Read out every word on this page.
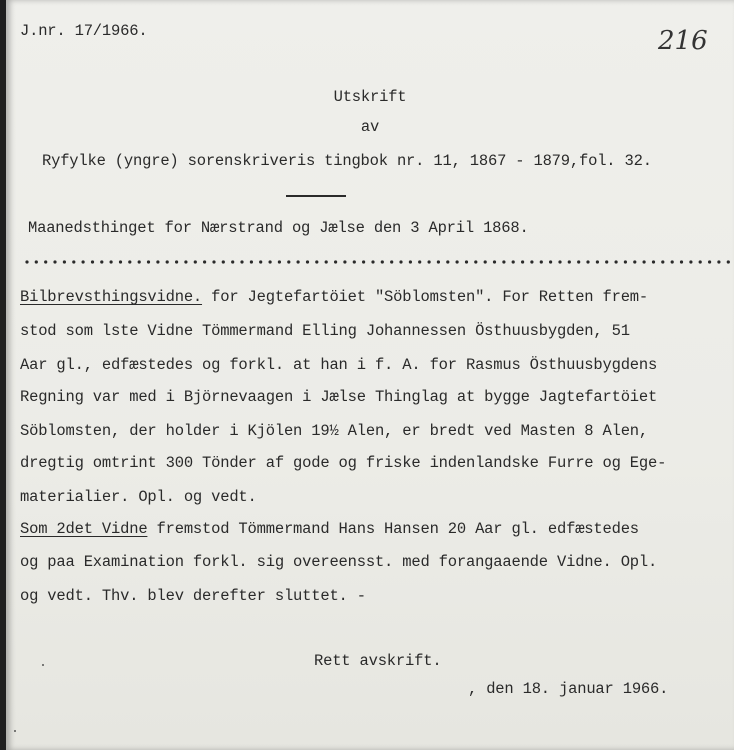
J.nr. 17/1966.	216
Utskrift
av
Ryfylke (yngre) sorenskriveris tingbok nr. 11, 1867 - 1879,fol. 32.
Maanedsthinget for Nærstrand og Jælse den 3 April 1868.
Bilbrevsthingsvidne. for Jegtefartöiet "Söblomsten". For Retten frem-
stod som lste Vidne Tömmermand Elling Johannessen Östhuusbygden, 51
Aar gl., edfæstedes og forkl. at han i f. A. for Rasmus Östhuusbygdens
Regning var med i Björnevaagen i Jælse Thinglag at bygge Jagtefartöiet
Söblomsten, der holder i Kjölen 19½ Alen, er bredt ved Masten 8 Alen,
dregtig omtrint 300 Tönder af gode og friske indenlandske Furre og Ege-
materialier. Opl. og vedt.
Som 2det Vidne fremstod Tömmermand Hans Hansen 20 Aar gl. edfæstedes
og paa Examination forkl. sig overeensst. med forangaaende Vidne. Opl.
og vedt. Thv. blev derefter sluttet. -
Rett avskrift.
, den 18. januar 1966.
